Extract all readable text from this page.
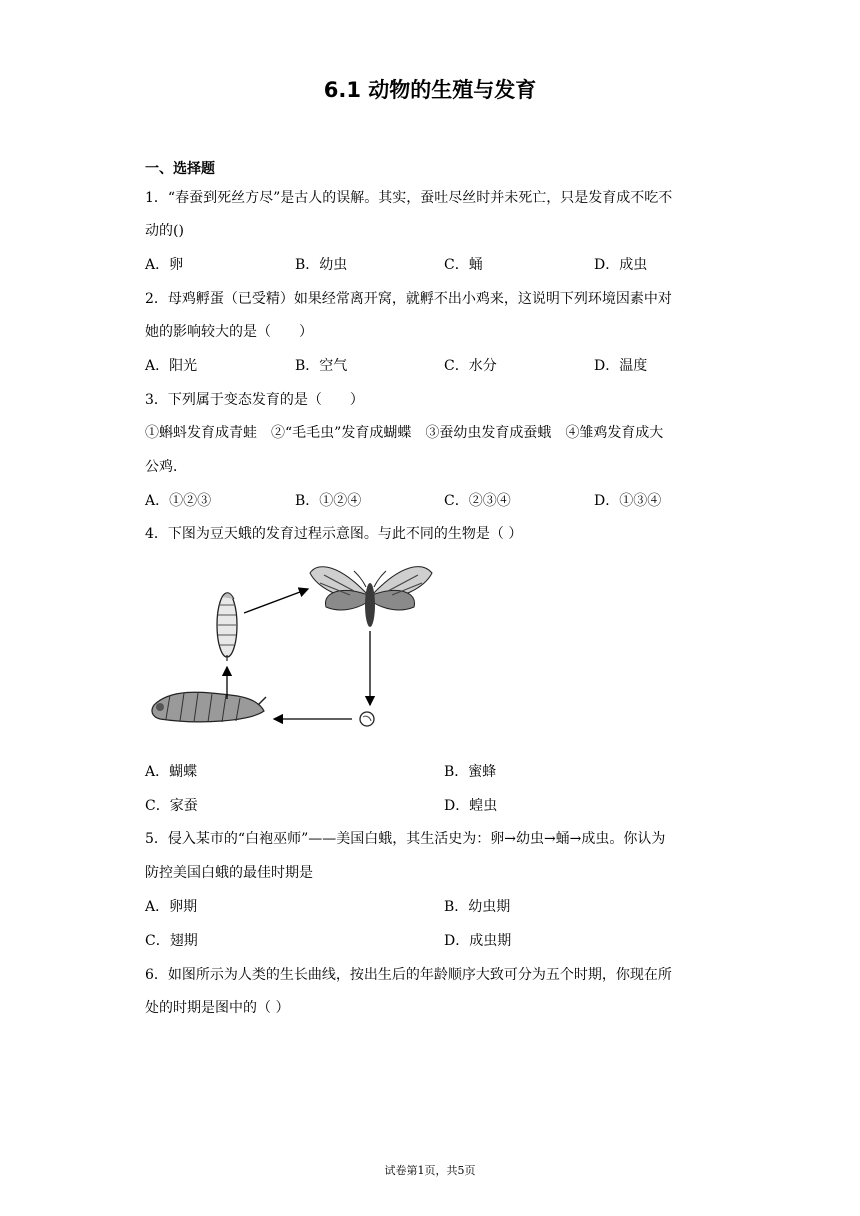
6.1 动物的生殖与发育
一、选择题
1．“春蚕到死丝方尽”是古人的误解。其实，蚕吐尽丝时并未死亡，只是发育成不吃不
动的()
A．卵	B．幼虫	C．蛹	D．成虫
2．母鸡孵蛋（已受精）如果经常离开窝，就孵不出小鸡来，这说明下列环境因素中对
她的影响较大的是（　　）
A．阳光	B．空气	C．水分	D．温度
3．下列属于变态发育的是（　　）
①蝌蚪发育成青蛙　②“毛毛虫”发育成蝴蝶　③蚕幼虫发育成蚕蛾　④雏鸡发育成大
公鸡．
A．①②③	B．①②④	C．②③④	D．①③④
4．下图为豆天蛾的发育过程示意图。与此不同的生物是（ ）
A．蝴蝶	B．蜜蜂
C．家蚕	D．蝗虫
5．侵入某市的“白袍巫师”——美国白蛾，其生活史为：卵→幼虫→蛹→成虫。你认为
防控美国白蛾的最佳时期是
A．卵期	B．幼虫期
C．翅期	D．成虫期
6．如图所示为人类的生长曲线，按出生后的年龄顺序大致可分为五个时期，你现在所
处的时期是图中的（ ）
试卷第1页，共5页
